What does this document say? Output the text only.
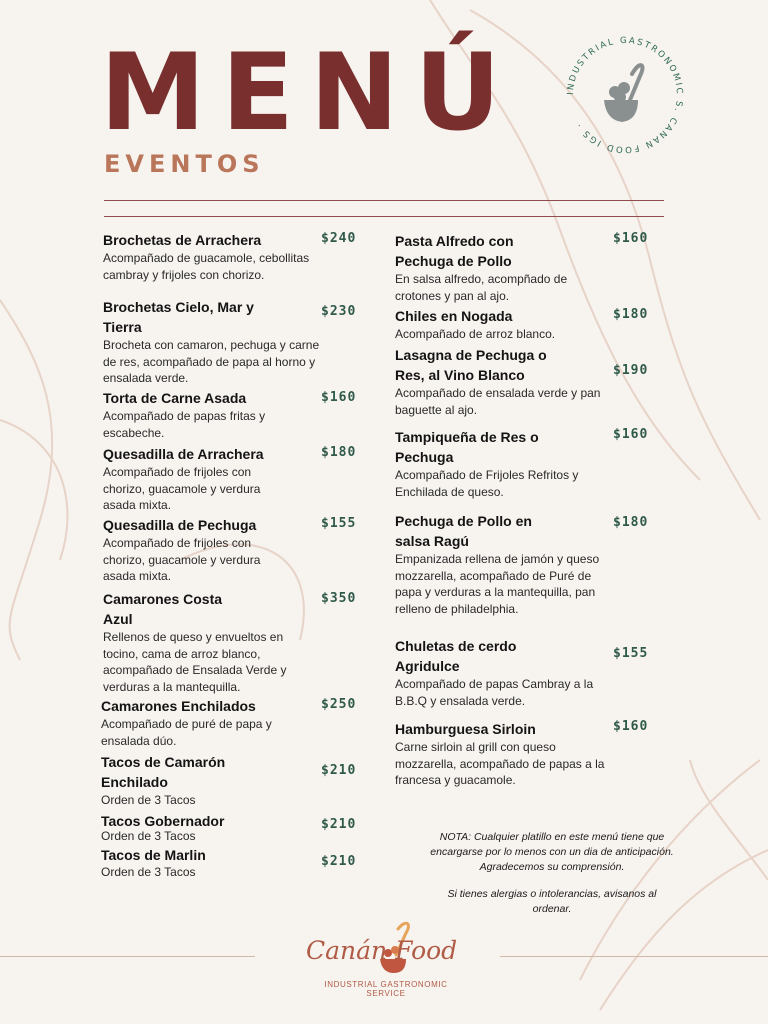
MENÚ
EVENTOS
INDUSTRIAL GASTRONOMIC S. CANAN FOOD IGS ·
Brochetas de Arrachera
Acompañado de guacamole, cebollitas cambray y frijoles con chorizo.
$240
Brochetas Cielo, Mar y Tierra
Brocheta con camaron, pechuga y carne de res, acompañado de papa al horno y ensalada verde.
$230
Torta de Carne Asada
Acompañado de papas fritas y escabeche.
$160
Quesadilla de Arrachera
Acompañado de frijoles con chorizo, guacamole y verdura asada mixta.
$180
Quesadilla de Pechuga
Acompañado de frijoles con chorizo, guacamole y verdura asada mixta.
$155
Camarones Costa Azul
Rellenos de queso y envueltos en tocino, cama de arroz blanco, acompañado de Ensalada Verde y verduras a la mantequilla.
$350
Camarones Enchilados
Acompañado de puré de papa y ensalada dúo.
$250
Tacos de Camarón Enchilado
Orden de 3 Tacos
$210
Tacos Gobernador
Orden de 3 Tacos
$210
Tacos de Marlin
Orden de 3 Tacos
$210
Pasta Alfredo con Pechuga de Pollo
En salsa alfredo, acompñado de crotones y pan al ajo.
$160
Chiles en Nogada
Acompañado de arroz blanco.
$180
Lasagna de Pechuga o Res, al Vino Blanco
Acompañado de ensalada verde y pan baguette al ajo.
$190
Tampiqueña de Res o Pechuga
Acompañado de Frijoles Refritos y Enchilada de queso.
$160
Pechuga de Pollo en salsa Ragú
Empanizada rellena de jamón y queso mozzarella, acompañado de Puré de papa y verduras a la mantequilla, pan relleno de philadelphia.
$180
Chuletas de cerdo Agridulce
Acompañado de papas Cambray a la B.B.Q y ensalada verde.
$155
Hamburguesa Sirloin
Carne sirloin al grill con queso mozzarella, acompañado de papas a la francesa y guacamole.
$160

NOTA: Cualquier platillo en este menú tiene que encargarse por lo menos con un dia de anticipación. Agradecemos su comprensión.

Si tienes alergias o intolerancias, avisanos al ordenar.

Canán Food
INDUSTRIAL GASTRONOMIC SERVICE
